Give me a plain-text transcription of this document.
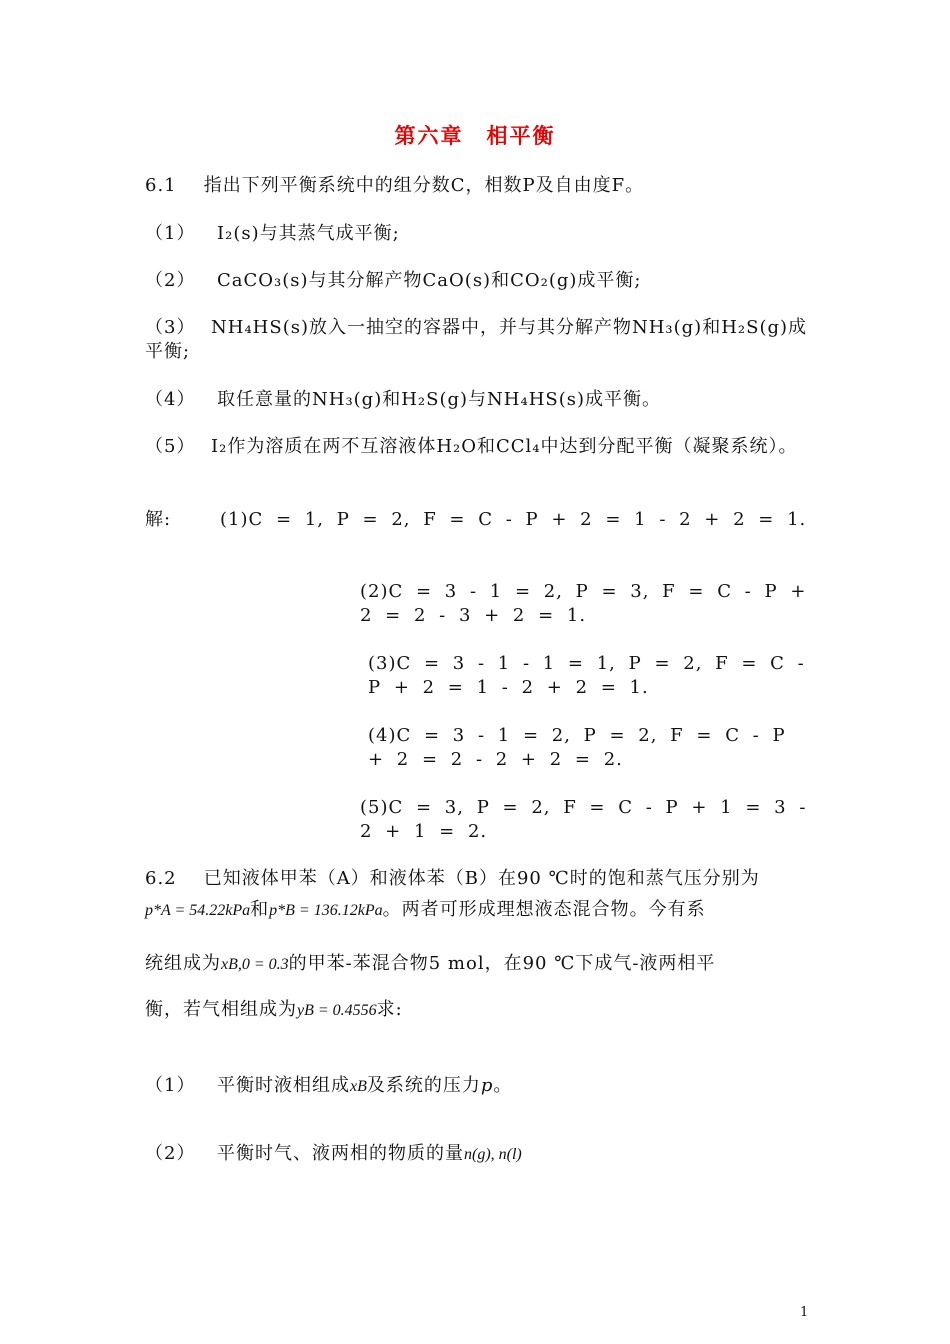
第六章　相平衡
6.1 指出下列平衡系统中的组分数C，相数P及自由度F。
（1） I₂(s)与其蒸气成平衡;
（2） CaCO₃(s)与其分解产物CaO(s)和CO₂(g)成平衡;
（3） NH₄HS(s)放入一抽空的容器中，并与其分解产物NH₃(g)和H₂S(g)成平衡;
（4） 取任意量的NH₃(g)和H₂S(g)与NH₄HS(s)成平衡。
（5） I₂作为溶质在两不互溶液体H₂O和CCl₄中达到分配平衡（凝聚系统）。
解:	(1)C = 1, P = 2, F = C - P + 2 = 1 - 2 + 2 = 1.
(2)C = 3 - 1 = 2, P = 3, F = C - P + 2 = 2 - 3 + 2 = 1.
(3)C = 3 - 1 - 1 = 1, P = 2, F = C - P + 2 = 1 - 2 + 2 = 1.
(4)C = 3 - 1 = 2, P = 2, F = C - P + 2 = 2 - 2 + 2 = 2.
(5)C = 3, P = 2, F = C - P + 1 = 3 - 2 + 1 = 2.
6.2 已知液体甲苯（A）和液体苯（B）在90 ℃时的饱和蒸气压分别为
p*A = 54.22kPa和p*B = 136.12kPa。两者可形成理想液态混合物。今有系
统组成为xB,0 = 0.3的甲苯-苯混合物5 mol，在90 ℃下成气-液两相平
衡，若气相组成为yB = 0.4556求:
（1） 平衡时液相组成xB及系统的压力p。
（2） 平衡时气、液两相的物质的量n(g), n(l)
1
